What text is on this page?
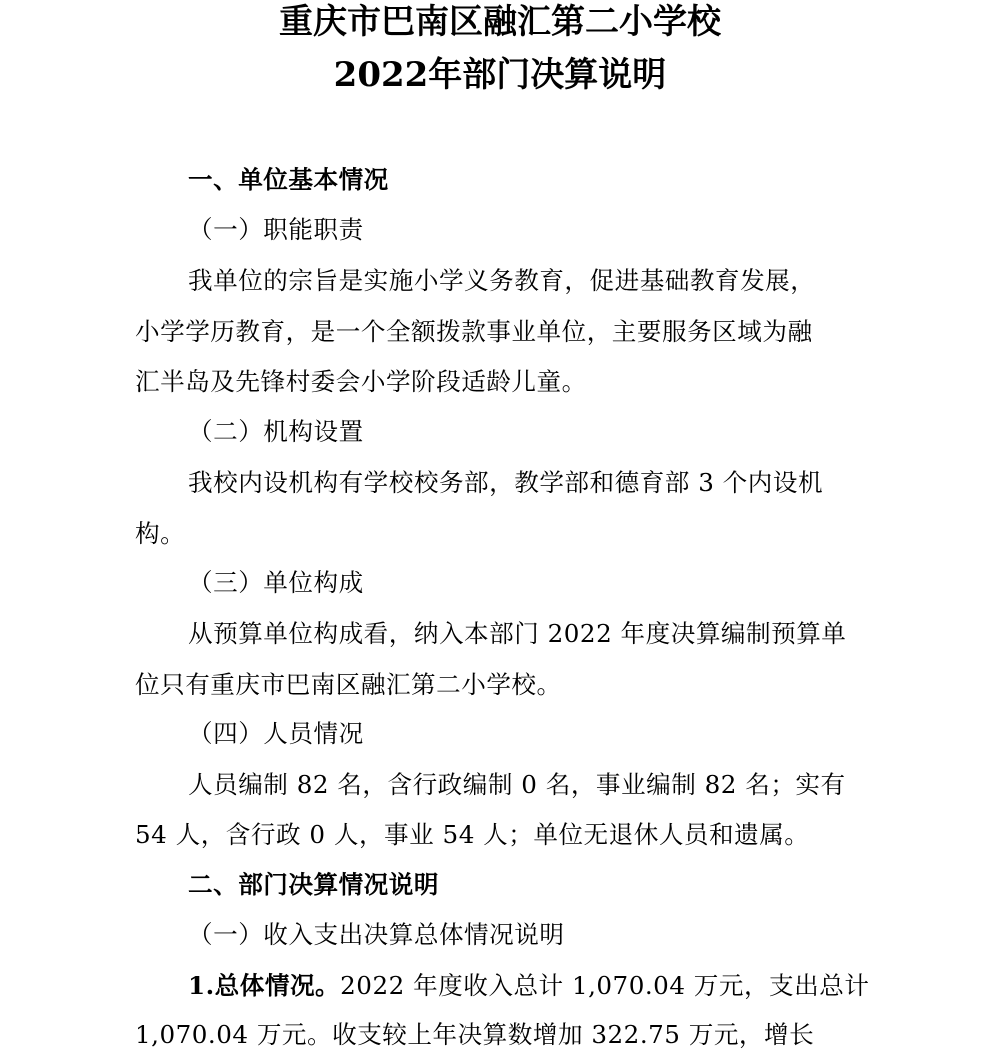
重庆市巴南区融汇第二小学校
2022年部门决算说明
一、单位基本情况
（一）职能职责
我单位的宗旨是实施小学义务教育，促进基础教育发展，
小学学历教育，是一个全额拨款事业单位，主要服务区域为融
汇半岛及先锋村委会小学阶段适龄儿童。
（二）机构设置
我校内设机构有学校校务部，教学部和德育部 3 个内设机
构。
（三）单位构成
从预算单位构成看，纳入本部门 2022 年度决算编制预算单
位只有重庆市巴南区融汇第二小学校。
（四）人员情况
人员编制 82 名，含行政编制 0 名，事业编制 82 名；实有
54 人，含行政 0 人，事业 54 人；单位无退休人员和遗属。
二、部门决算情况说明
（一）收入支出决算总体情况说明
1.总体情况。2022 年度收入总计 1,070.04 万元，支出总计
1,070.04 万元。收支较上年决算数增加 322.75 万元，增长
